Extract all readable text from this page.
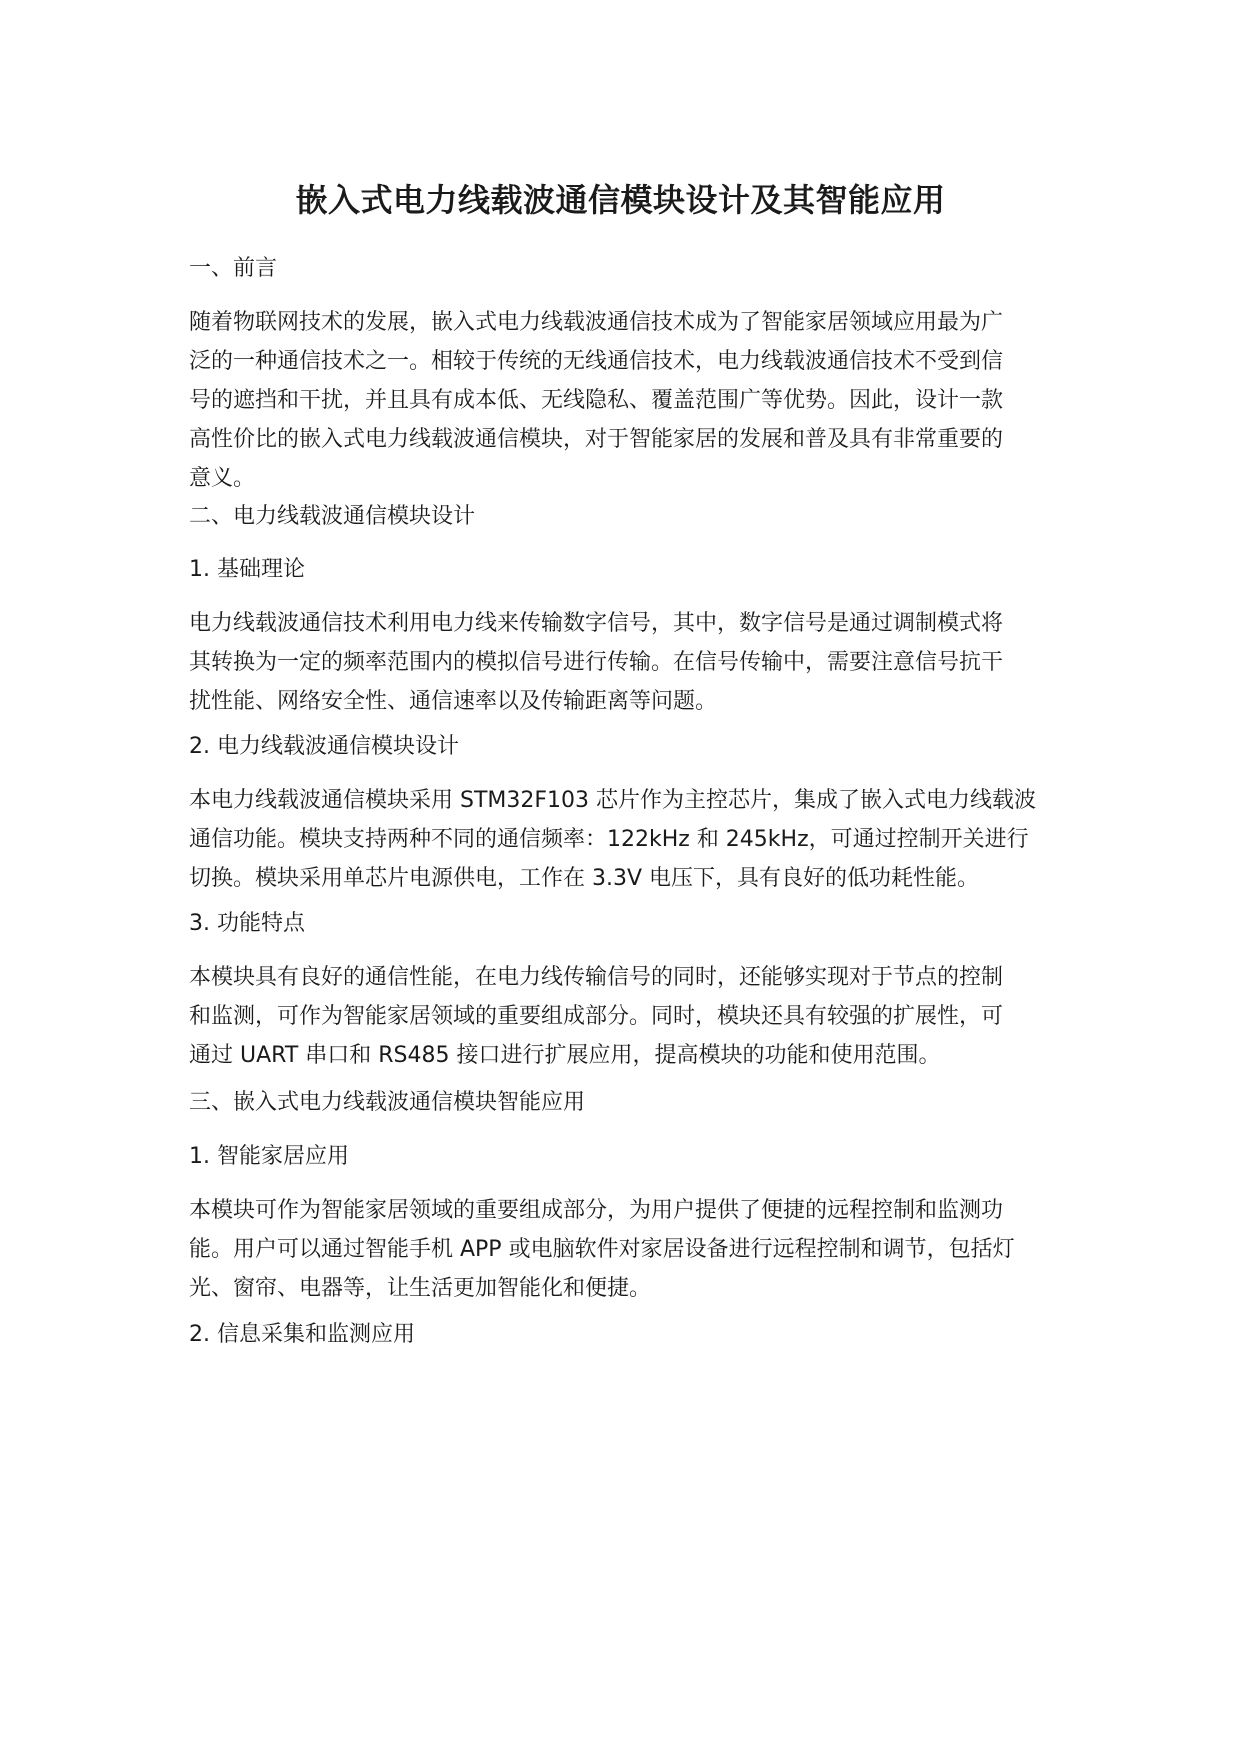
嵌入式电力线载波通信模块设计及其智能应用
一、前言
随着物联网技术的发展，嵌入式电力线载波通信技术成为了智能家居领域应用最为广
泛的一种通信技术之一。相较于传统的无线通信技术，电力线载波通信技术不受到信
号的遮挡和干扰，并且具有成本低、无线隐私、覆盖范围广等优势。因此，设计一款
高性价比的嵌入式电力线载波通信模块，对于智能家居的发展和普及具有非常重要的
意义。
二、电力线载波通信模块设计
1. 基础理论
电力线载波通信技术利用电力线来传输数字信号，其中，数字信号是通过调制模式将
其转换为一定的频率范围内的模拟信号进行传输。在信号传输中，需要注意信号抗干
扰性能、网络安全性、通信速率以及传输距离等问题。
2. 电力线载波通信模块设计
本电力线载波通信模块采用 STM32F103 芯片作为主控芯片，集成了嵌入式电力线载波
通信功能。模块支持两种不同的通信频率：122kHz 和 245kHz，可通过控制开关进行
切换。模块采用单芯片电源供电，工作在 3.3V 电压下，具有良好的低功耗性能。
3. 功能特点
本模块具有良好的通信性能，在电力线传输信号的同时，还能够实现对于节点的控制
和监测，可作为智能家居领域的重要组成部分。同时，模块还具有较强的扩展性，可
通过 UART 串口和 RS485 接口进行扩展应用，提高模块的功能和使用范围。
三、嵌入式电力线载波通信模块智能应用
1. 智能家居应用
本模块可作为智能家居领域的重要组成部分，为用户提供了便捷的远程控制和监测功
能。用户可以通过智能手机 APP 或电脑软件对家居设备进行远程控制和调节，包括灯
光、窗帘、电器等，让生活更加智能化和便捷。
2. 信息采集和监测应用
